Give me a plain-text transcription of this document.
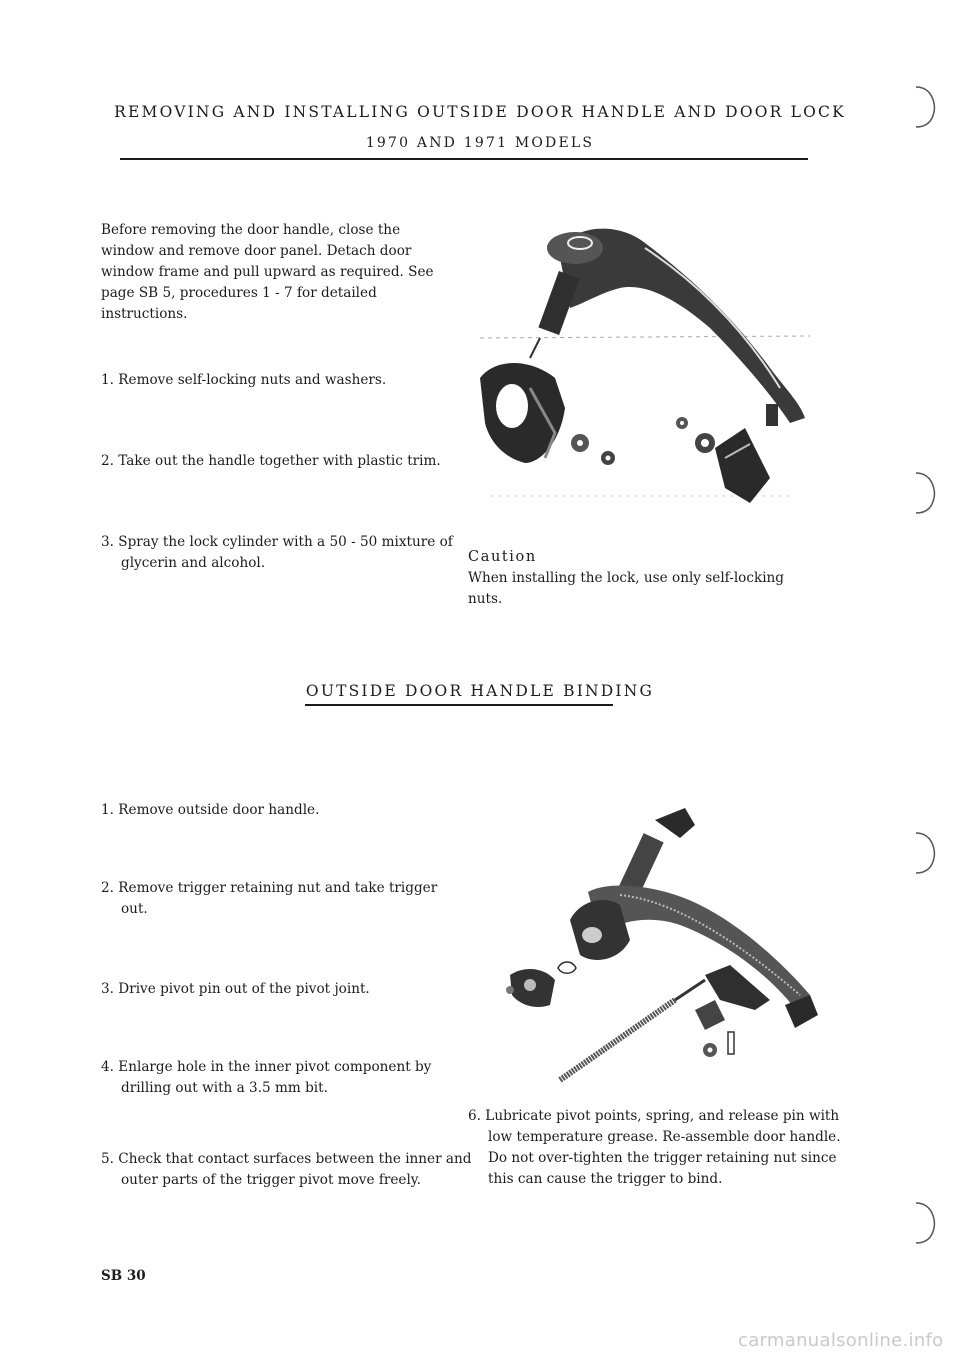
REMOVING AND INSTALLING OUTSIDE DOOR HANDLE AND DOOR LOCK
1970 AND 1971 MODELS
Before removing the door handle, close the window and remove door panel. Detach door window frame and pull upward as required. See page SB 5, procedures 1 - 7 for detailed instructions.
1. Remove self-locking nuts and washers.
2. Take out the handle together with plastic trim.
3. Spray the lock cylinder with a 50 - 50 mixture of glycerin and alcohol.	Caution
When installing the lock, use only self-locking nuts.
OUTSIDE DOOR HANDLE BINDING
1. Remove outside door handle.
2. Remove trigger retaining nut and take trigger out.
3. Drive pivot pin out of the pivot joint.
4. Enlarge hole in the inner pivot component by drilling out with a 3.5 mm bit.
5. Check that contact surfaces between the inner and outer parts of the trigger pivot move freely.
6. Lubricate pivot points, spring, and release pin with low temperature grease. Re-assemble door handle. Do not over-tighten the trigger retaining nut since this can cause the trigger to bind.
SB 30
carmanualsonline.info
